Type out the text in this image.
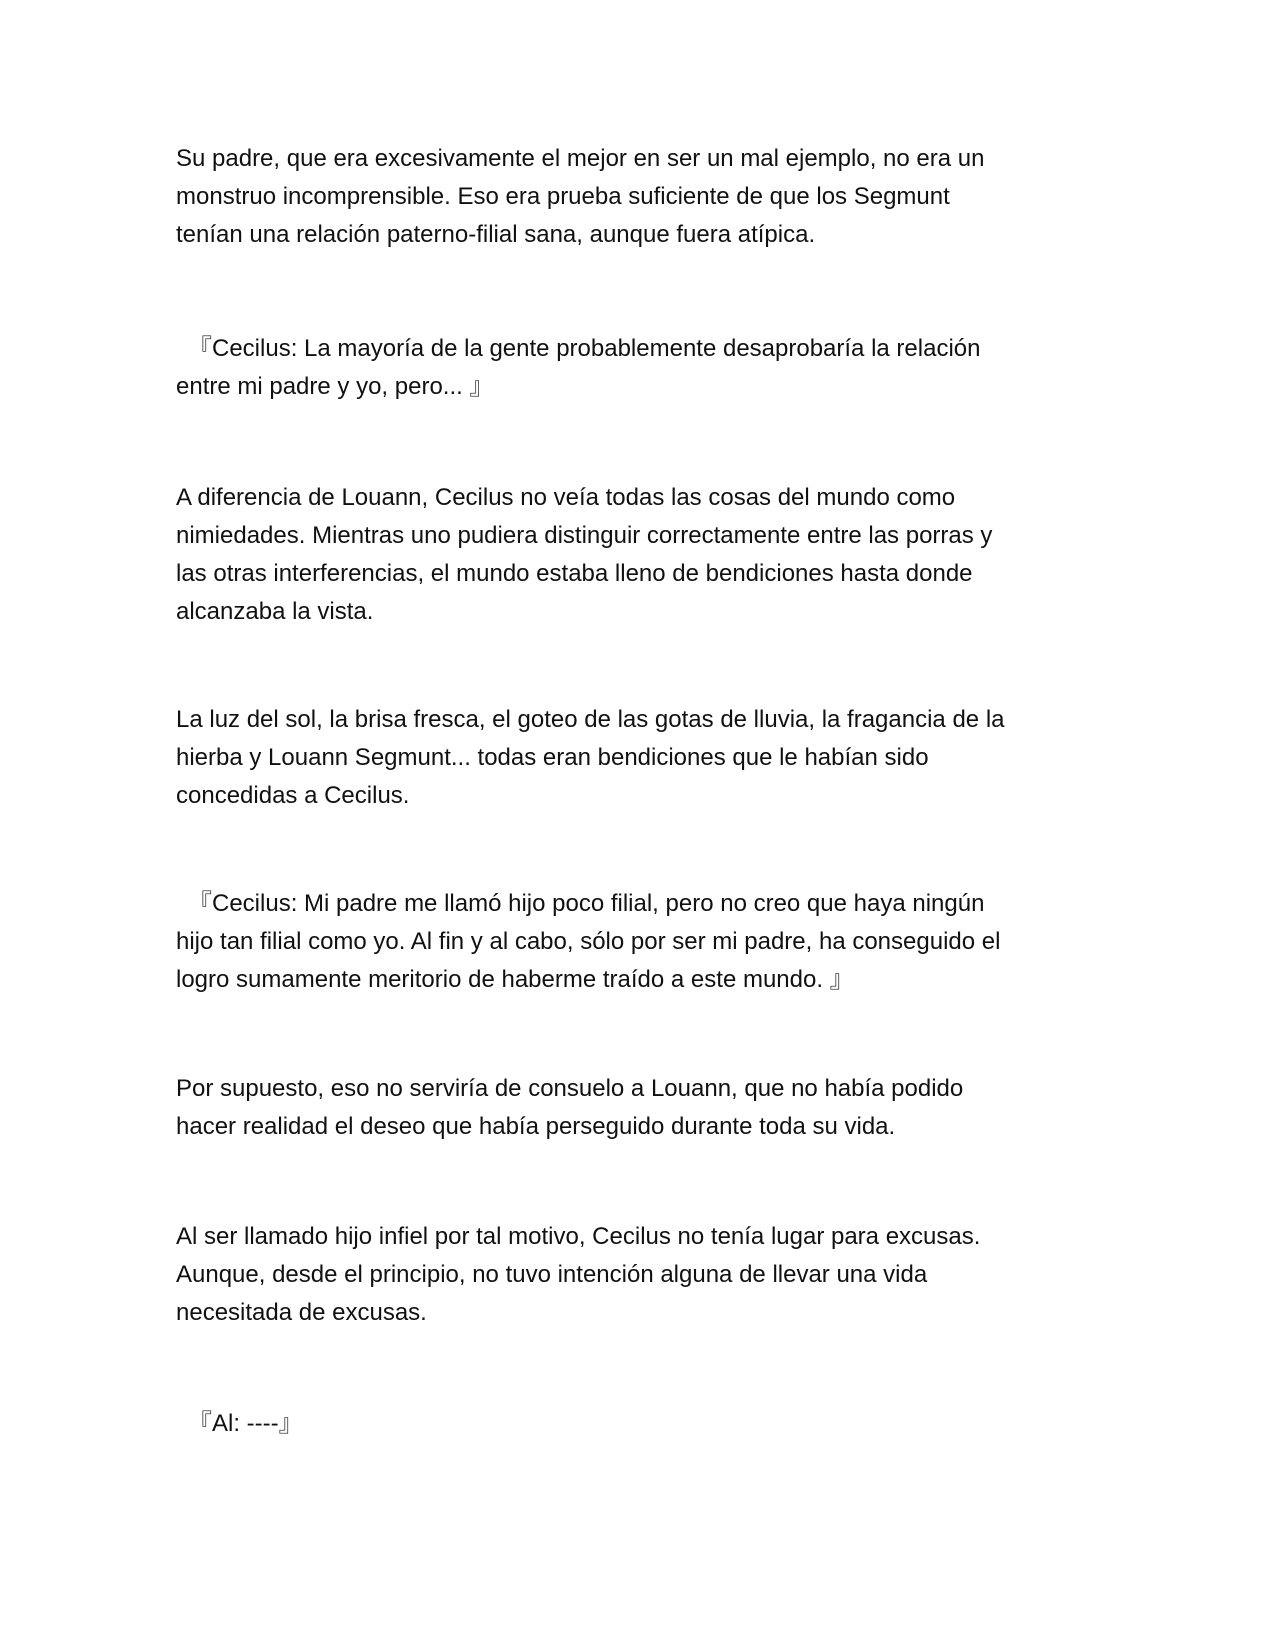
Su padre, que era excesivamente el mejor en ser un mal ejemplo, no era un
monstruo incomprensible. Eso era prueba suficiente de que los Segmunt
tenían una relación paterno-filial sana, aunque fuera atípica.

『Cecilus: La mayoría de la gente probablemente desaprobaría la relación
entre mi padre y yo, pero... 』

A diferencia de Louann, Cecilus no veía todas las cosas del mundo como
nimiedades. Mientras uno pudiera distinguir correctamente entre las porras y
las otras interferencias, el mundo estaba lleno de bendiciones hasta donde
alcanzaba la vista.

La luz del sol, la brisa fresca, el goteo de las gotas de lluvia, la fragancia de la
hierba y Louann Segmunt... todas eran bendiciones que le habían sido
concedidas a Cecilus.

『Cecilus: Mi padre me llamó hijo poco filial, pero no creo que haya ningún
hijo tan filial como yo. Al fin y al cabo, sólo por ser mi padre, ha conseguido el
logro sumamente meritorio de haberme traído a este mundo. 』

Por supuesto, eso no serviría de consuelo a Louann, que no había podido
hacer realidad el deseo que había perseguido durante toda su vida.

Al ser llamado hijo infiel por tal motivo, Cecilus no tenía lugar para excusas.
Aunque, desde el principio, no tuvo intención alguna de llevar una vida
necesitada de excusas.

『Al: ----』
